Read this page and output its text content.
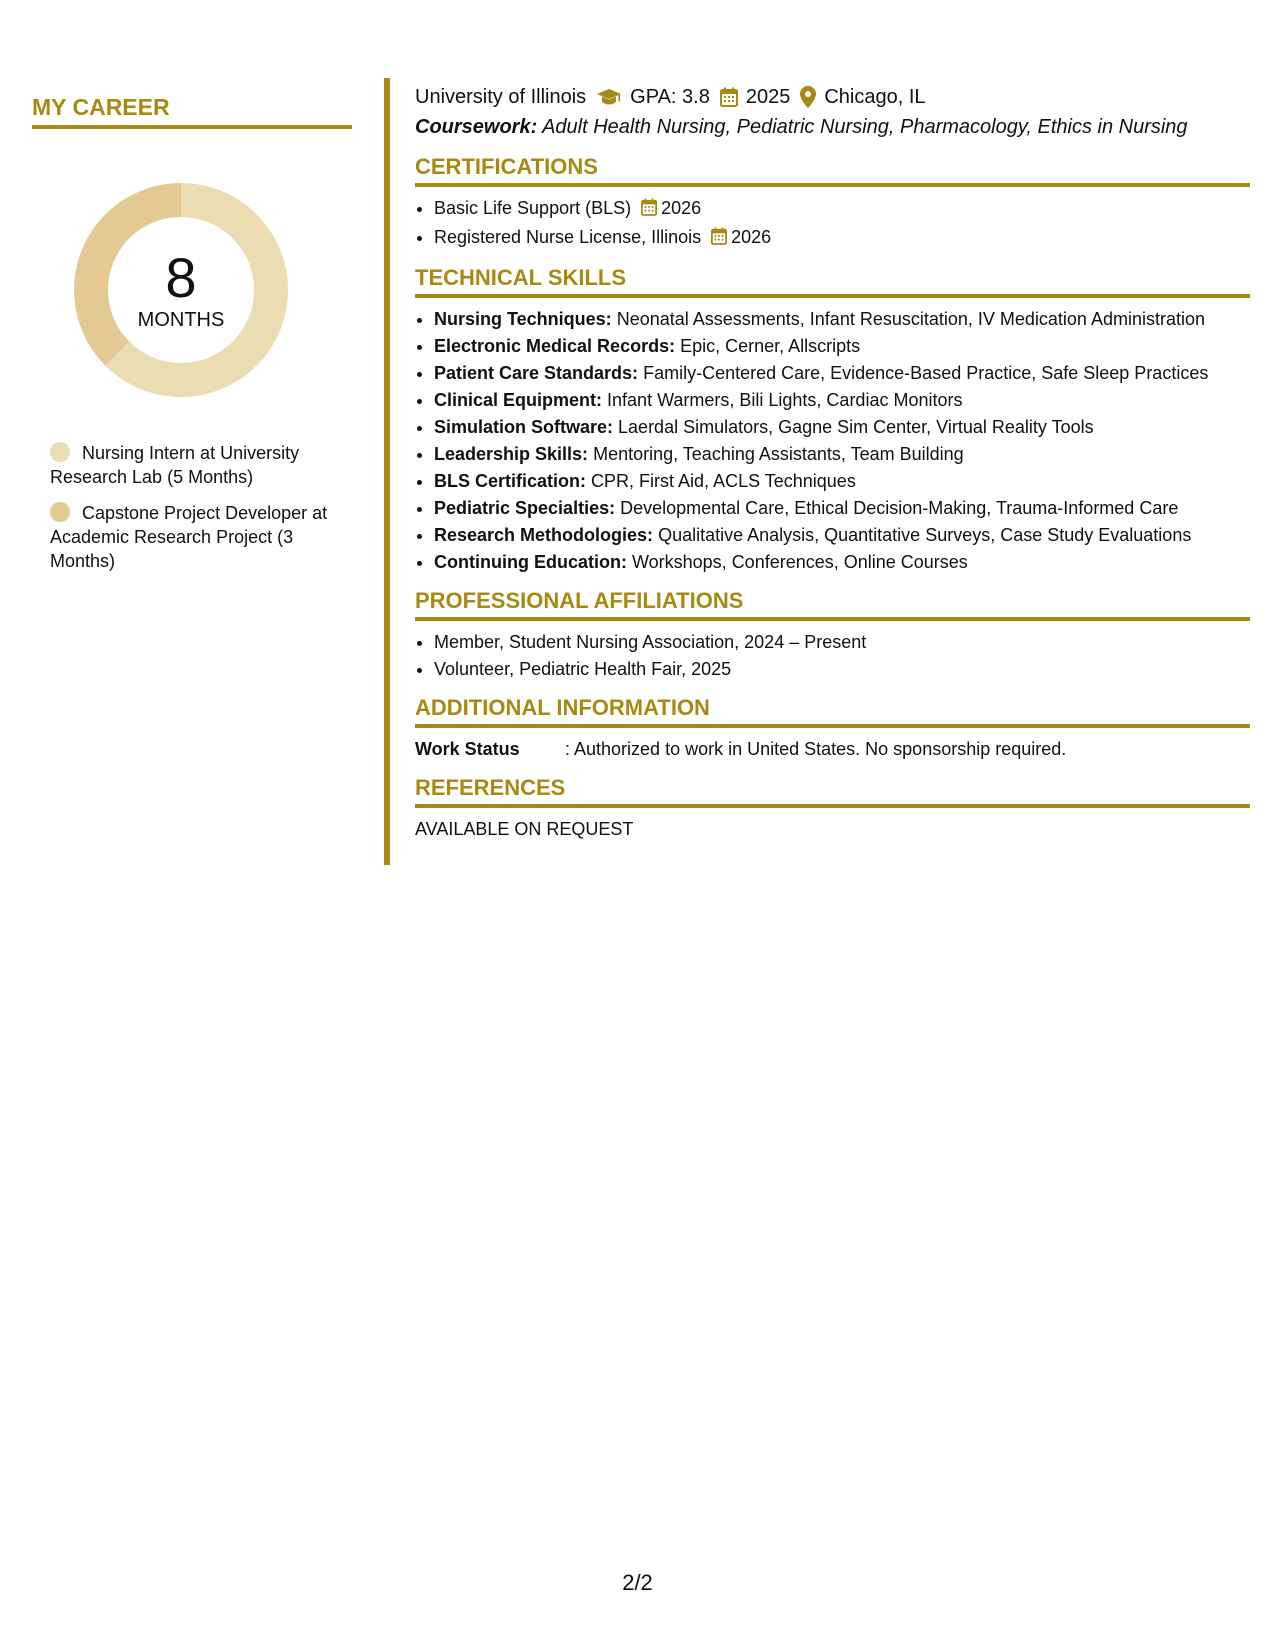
MY CAREER
8
MONTHS
Nursing Intern at University Research Lab (5 Months)
Capstone Project Developer at Academic Research Project (3 Months)
University of Illinois GPA: 3.8 2025 Chicago, IL
Coursework: Adult Health Nursing, Pediatric Nursing, Pharmacology, Ethics in Nursing
CERTIFICATIONS
• Basic Life Support (BLS) 2026
• Registered Nurse License, Illinois 2026
TECHNICAL SKILLS
• Nursing Techniques: Neonatal Assessments, Infant Resuscitation, IV Medication Administration
• Electronic Medical Records: Epic, Cerner, Allscripts
• Patient Care Standards: Family-Centered Care, Evidence-Based Practice, Safe Sleep Practices
• Clinical Equipment: Infant Warmers, Bili Lights, Cardiac Monitors
• Simulation Software: Laerdal Simulators, Gagne Sim Center, Virtual Reality Tools
• Leadership Skills: Mentoring, Teaching Assistants, Team Building
• BLS Certification: CPR, First Aid, ACLS Techniques
• Pediatric Specialties: Developmental Care, Ethical Decision-Making, Trauma-Informed Care
• Research Methodologies: Qualitative Analysis, Quantitative Surveys, Case Study Evaluations
• Continuing Education: Workshops, Conferences, Online Courses
PROFESSIONAL AFFILIATIONS
• Member, Student Nursing Association, 2024 – Present
• Volunteer, Pediatric Health Fair, 2025
ADDITIONAL INFORMATION
Work Status	: Authorized to work in United States. No sponsorship required.
REFERENCES
AVAILABLE ON REQUEST
2/2
